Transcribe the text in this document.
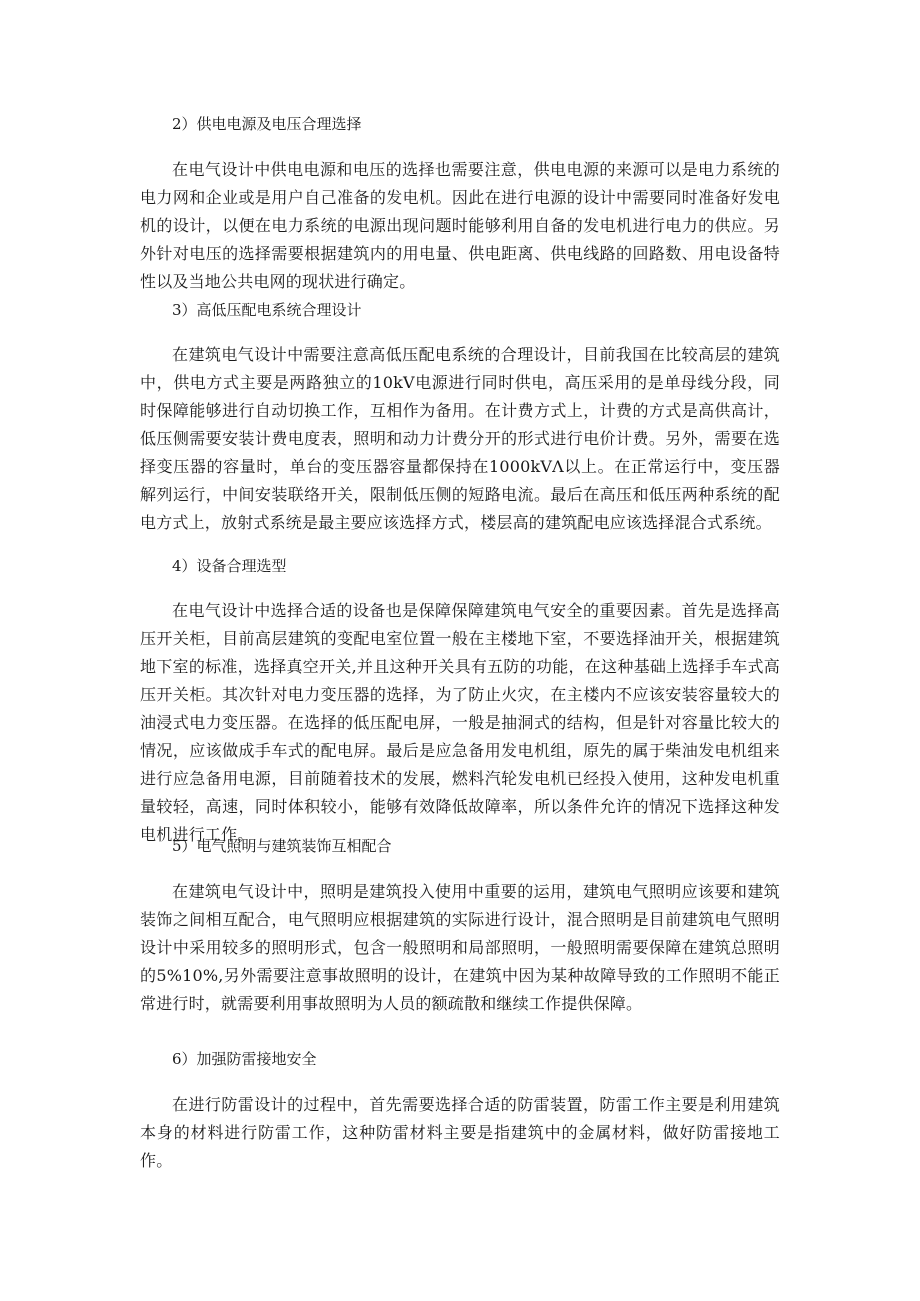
2）供电电源及电压合理选择

在电气设计中供电电源和电压的选择也需要注意，供电电源的来源可以是电力系统的电力网和企业或是用户自己准备的发电机。因此在进行电源的设计中需要同时准备好发电机的设计，以便在电力系统的电源出现问题时能够利用自备的发电机进行电力的供应。另外针对电压的选择需要根据建筑内的用电量、供电距离、供电线路的回路数、用电设备特性以及当地公共电网的现状进行确定。

3）高低压配电系统合理设计

在建筑电气设计中需要注意高低压配电系统的合理设计，目前我国在比较高层的建筑中，供电方式主要是两路独立的10kV电源进行同时供电，高压采用的是单母线分段，同时保障能够进行自动切换工作，互相作为备用。在计费方式上，计费的方式是高供高计，低压侧需要安装计费电度表，照明和动力计费分开的形式进行电价计费。另外，需要在选择变压器的容量时，单台的变压器容量都保持在1000kVΛ以上。在正常运行中，变压器解列运行，中间安装联络开关，限制低压侧的短路电流。最后在高压和低压两种系统的配电方式上，放射式系统是最主要应该选择方式，楼层高的建筑配电应该选择混合式系统。

4）设备合理选型

在电气设计中选择合适的设备也是保障保障建筑电气安全的重要因素。首先是选择高压开关柜，目前高层建筑的变配电室位置一般在主楼地下室，不要选择油开关，根据建筑地下室的标准，选择真空开关,并且这种开关具有五防的功能，在这种基础上选择手车式高压开关柜。其次针对电力变压器的选择，为了防止火灾，在主楼内不应该安装容量较大的油浸式电力变压器。在选择的低压配电屏，一般是抽洞式的结构，但是针对容量比较大的情况，应该做成手车式的配电屏。最后是应急备用发电机组，原先的属于柴油发电机组来进行应急备用电源，目前随着技术的发展，燃料汽轮发电机已经投入使用，这种发电机重量较轻，高速，同时体积较小，能够有效降低故障率，所以条件允许的情况下选择这种发电机进行工作。

5）电气照明与建筑装饰互相配合

在建筑电气设计中，照明是建筑投入使用中重要的运用，建筑电气照明应该要和建筑装饰之间相互配合，电气照明应根据建筑的实际进行设计，混合照明是目前建筑电气照明设计中采用较多的照明形式，包含一般照明和局部照明，一般照明需要保障在建筑总照明的5%10%,另外需要注意事故照明的设计，在建筑中因为某种故障导致的工作照明不能正常进行时，就需要利用事故照明为人员的额疏散和继续工作提供保障。

6）加强防雷接地安全

在进行防雷设计的过程中，首先需要选择合适的防雷装置，防雷工作主要是利用建筑本身的材料进行防雷工作，这种防雷材料主要是指建筑中的金属材料，做好防雷接地工作。
